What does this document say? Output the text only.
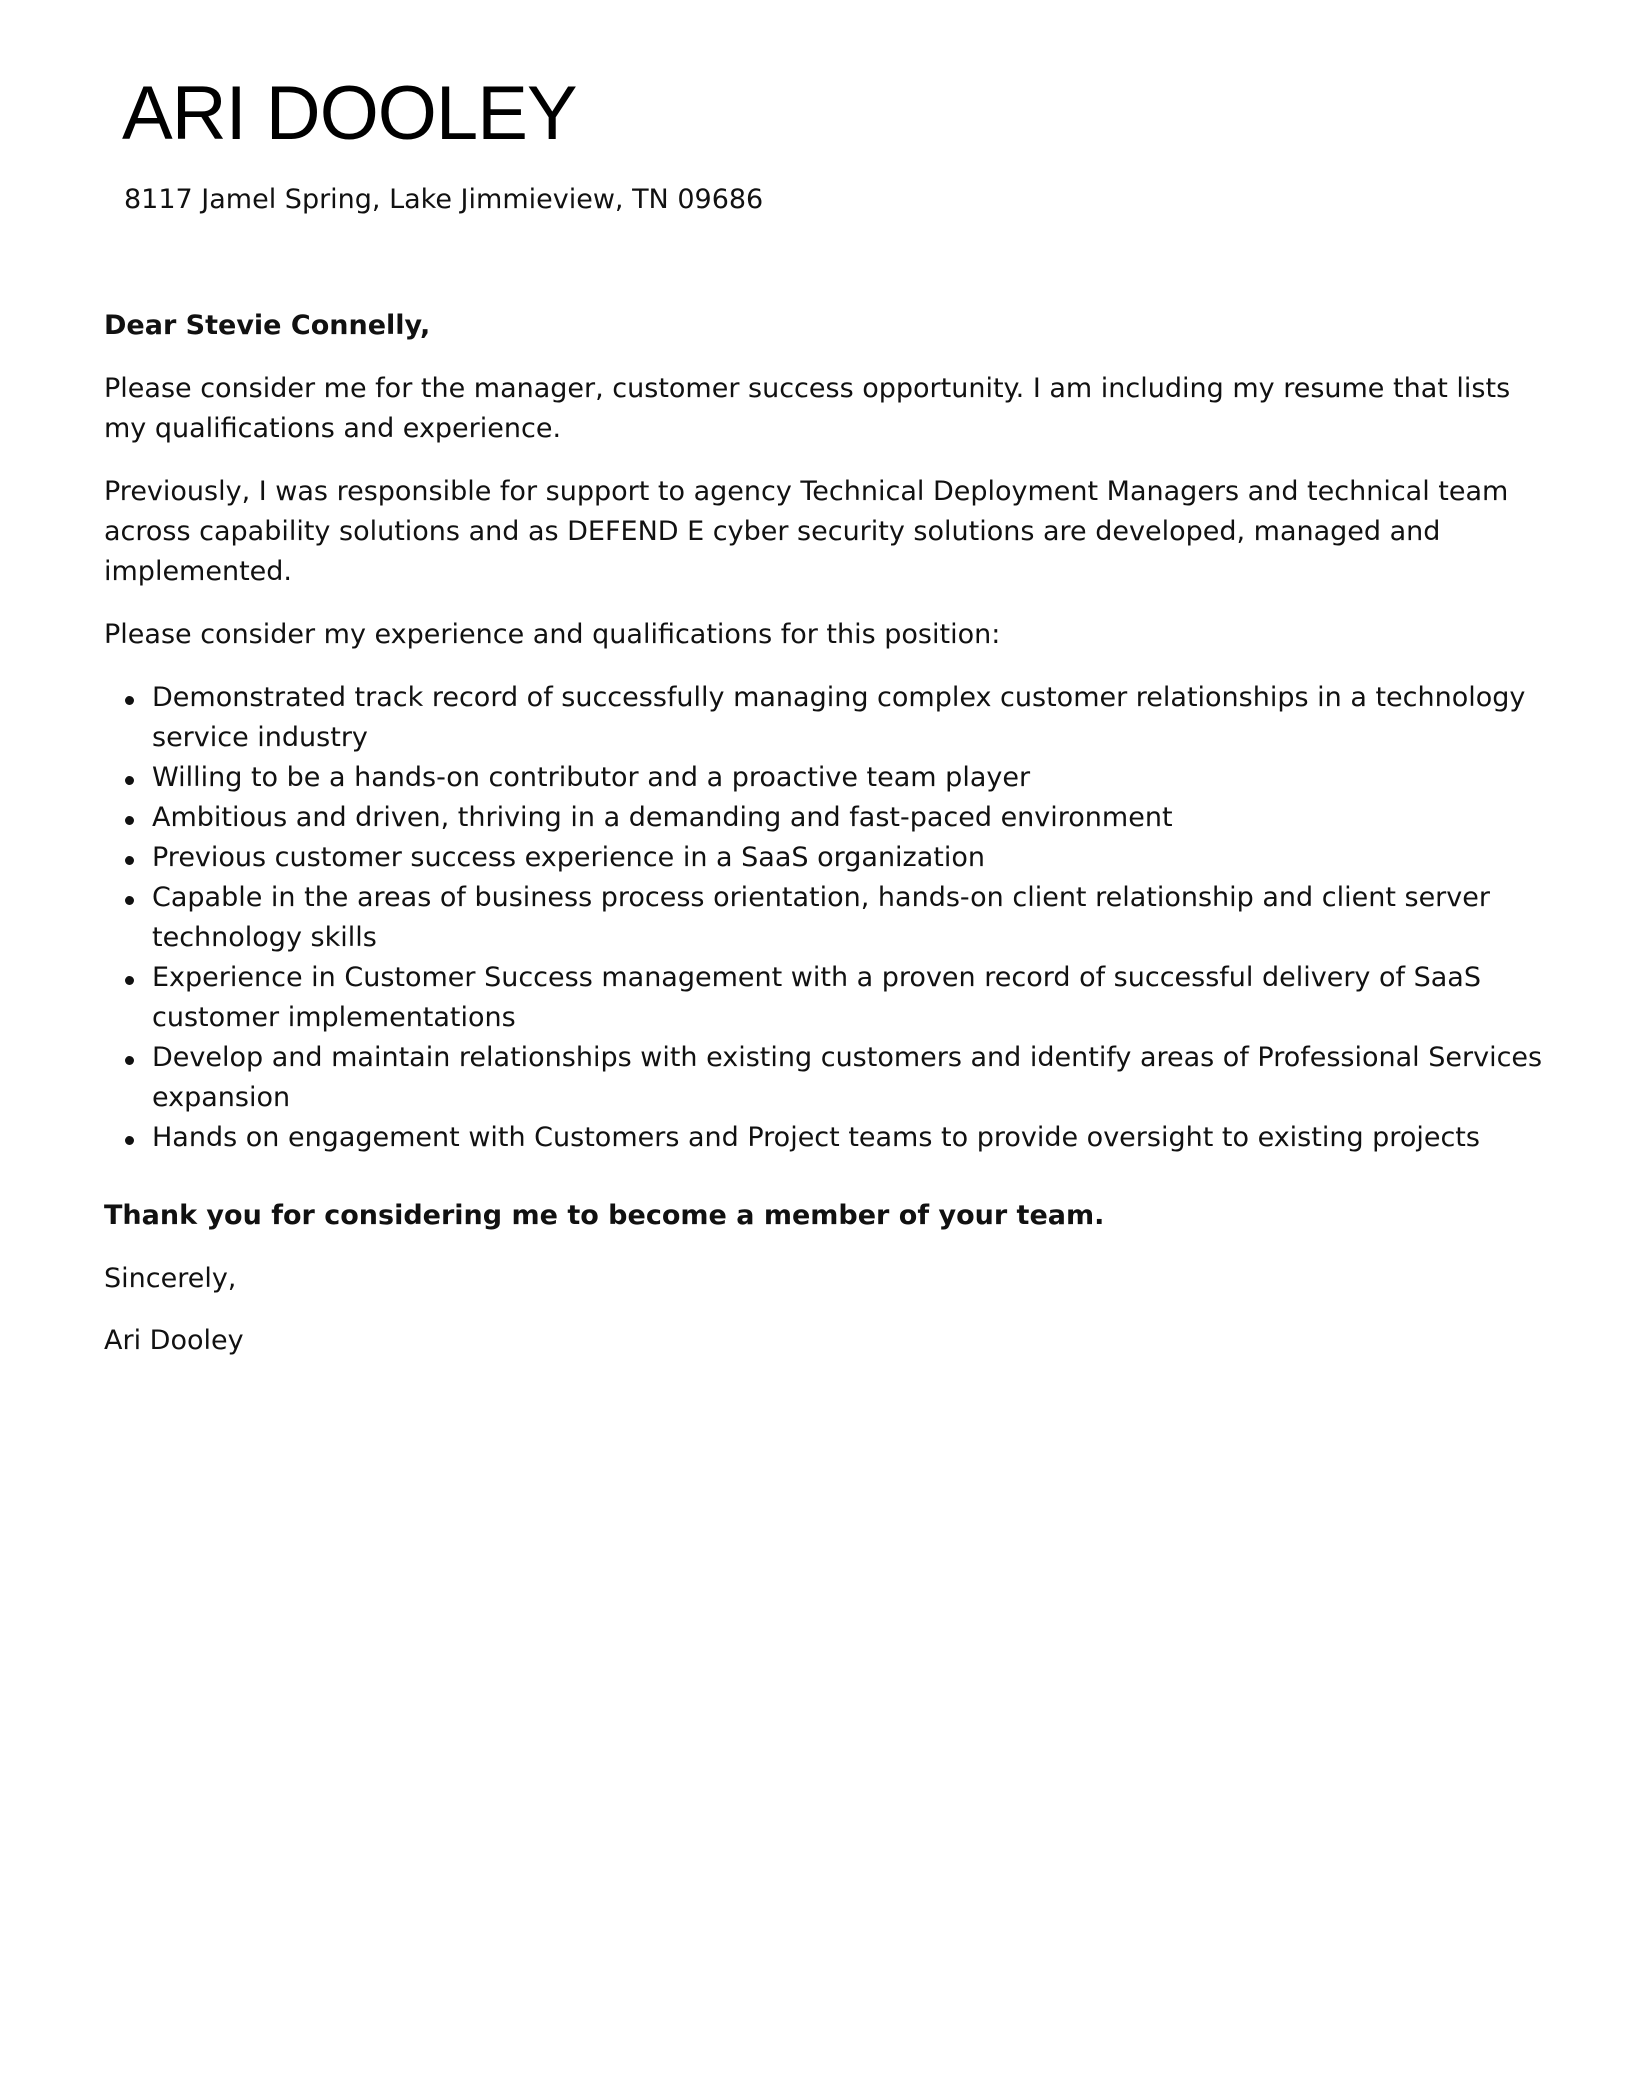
ARI DOOLEY
8117 Jamel Spring, Lake Jimmieview, TN 09686

Dear Stevie Connelly,

Please consider me for the manager, customer success opportunity. I am including my resume that lists my qualifications and experience.

Previously, I was responsible for support to agency Technical Deployment Managers and technical team across capability solutions and as DEFEND E cyber security solutions are developed, managed and implemented.

Please consider my experience and qualifications for this position:

Demonstrated track record of successfully managing complex customer relationships in a technology service industry
Willing to be a hands-on contributor and a proactive team player
Ambitious and driven, thriving in a demanding and fast-paced environment
Previous customer success experience in a SaaS organization
Capable in the areas of business process orientation, hands-on client relationship and client server technology skills
Experience in Customer Success management with a proven record of successful delivery of SaaS customer implementations
Develop and maintain relationships with existing customers and identify areas of Professional Services expansion
Hands on engagement with Customers and Project teams to provide oversight to existing projects

Thank you for considering me to become a member of your team.

Sincerely,

Ari Dooley
